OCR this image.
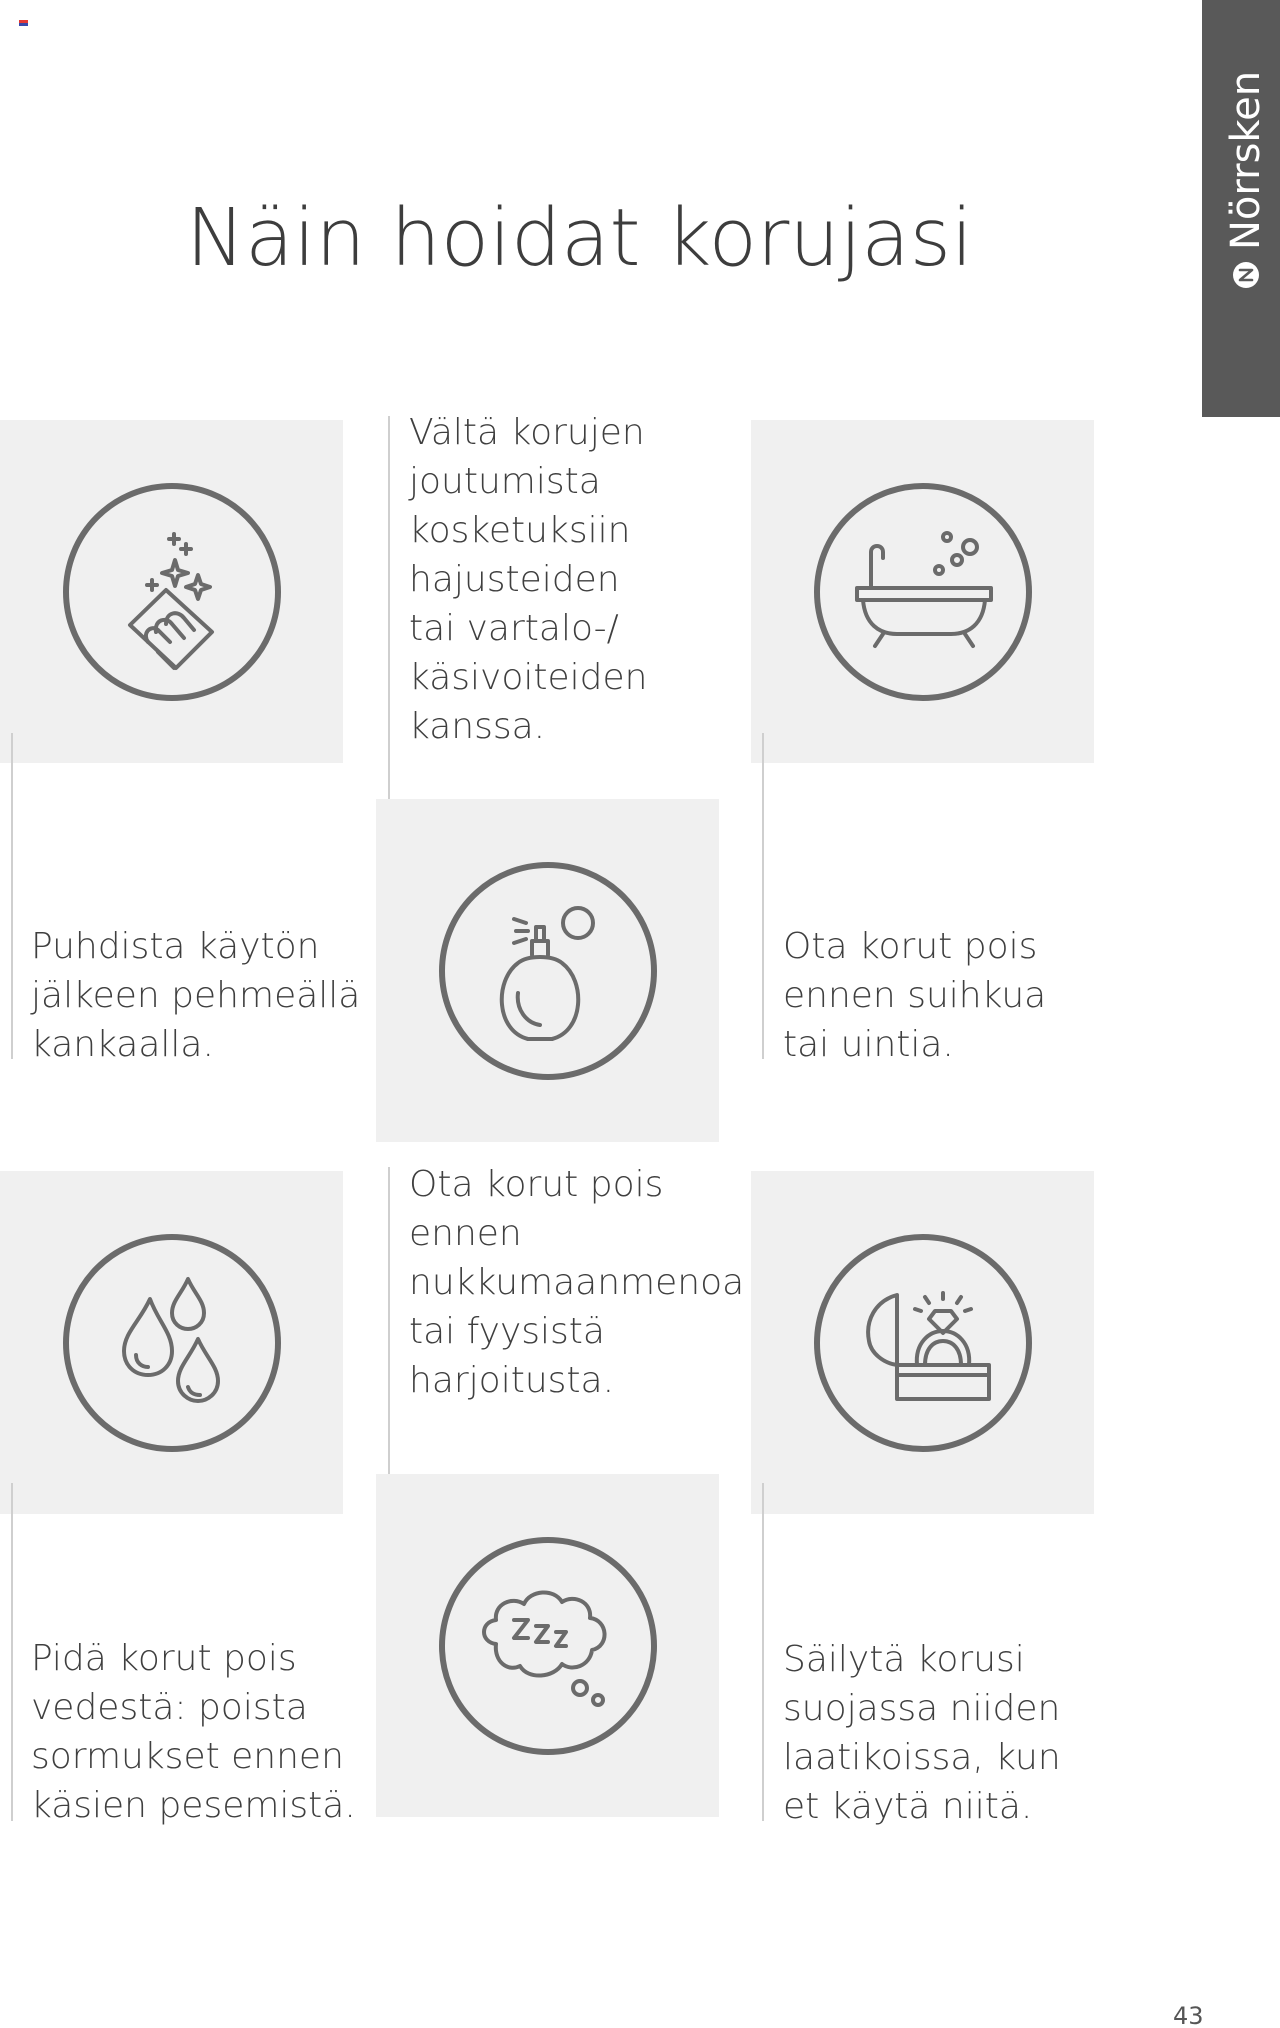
Näin hoidat korujasi	Nörrsken
Puhdista käytön
jälkeen pehmeällä
kankaalla.
Vältä korujen
joutumista
kosketuksiin
hajusteiden
tai vartalo-/
käsivoiteiden
kanssa.
Ota korut pois
ennen suihkua
tai uintia.
Pidä korut pois
vedestä: poista
sormukset ennen
käsien pesemistä.
Ota korut pois
ennen
nukkumaanmenoa
tai fyysistä
harjoitusta.
Säilytä korusi
suojassa niiden
laatikoissa, kun
et käytä niitä.
43
